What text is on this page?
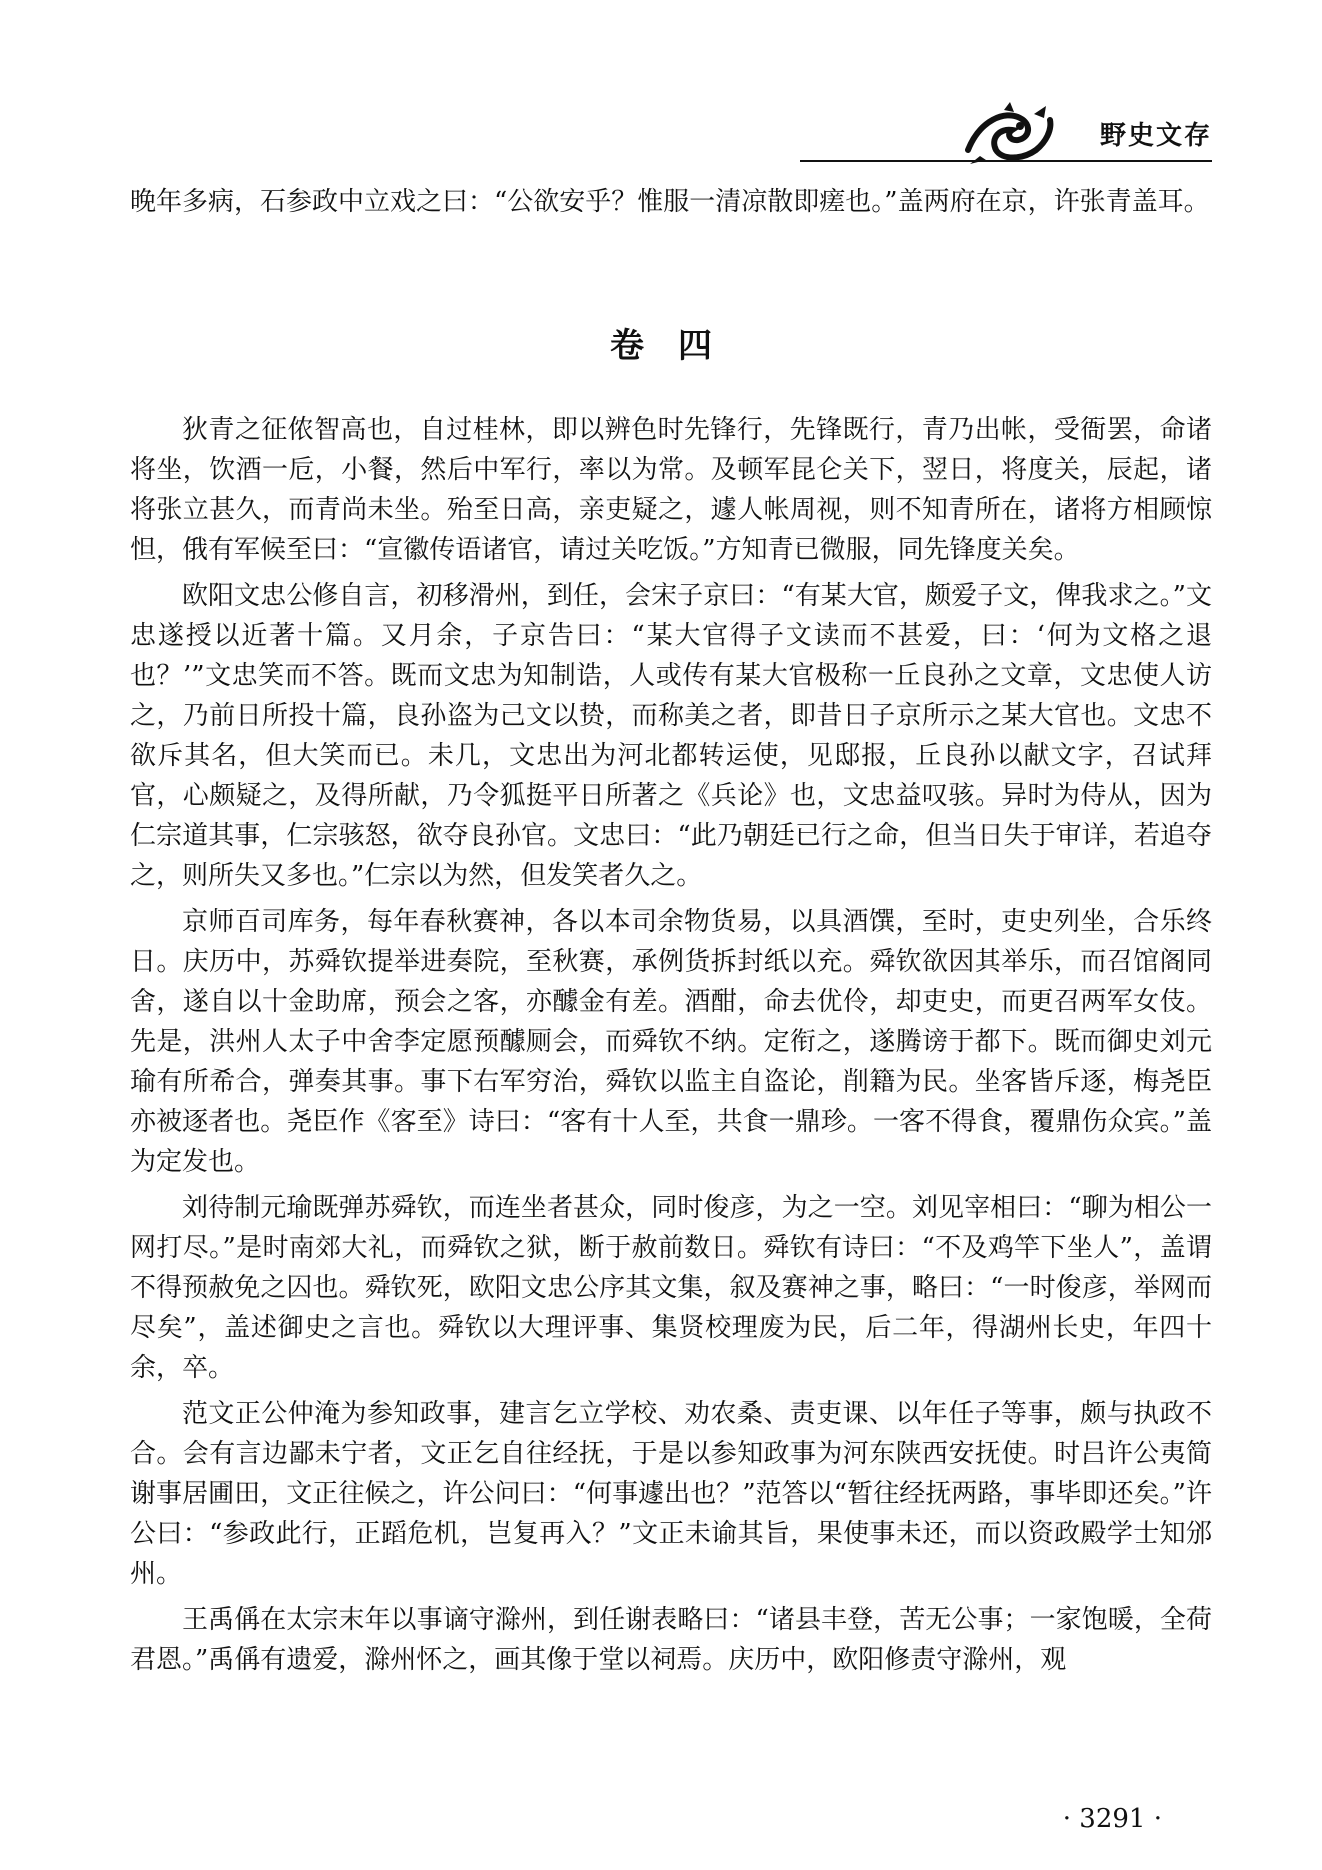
野史文存
晚年多病，石参政中立戏之曰：“公欲安乎？惟服一清凉散即瘥也。”盖两府在京，许张青盖耳。
卷四

狄青之征侬智高也，自过桂林，即以辨色时先锋行，先锋既行，青乃出帐，受衙罢，命诸将坐，饮酒一卮，小餐，然后中军行，率以为常。及顿军昆仑关下，翌日，将度关，辰起，诸将张立甚久，而青尚未坐。殆至日高，亲吏疑之，遽人帐周视，则不知青所在，诸将方相顾惊怛，俄有军候至曰：“宣徽传语诸官，请过关吃饭。”方知青已微服，同先锋度关矣。

欧阳文忠公修自言，初移滑州，到任，会宋子京曰：“有某大官，颇爱子文，俾我求之。”文忠遂授以近著十篇。又月余，子京告曰：“某大官得子文读而不甚爱，曰：‘何为文格之退也？’”文忠笑而不答。既而文忠为知制诰，人或传有某大官极称一丘良孙之文章，文忠使人访之，乃前日所投十篇，良孙盗为己文以贽，而称美之者，即昔日子京所示之某大官也。文忠不欲斥其名，但大笑而已。未几，文忠出为河北都转运使，见邸报，丘良孙以献文字，召试拜官，心颇疑之，及得所献，乃令狐挺平日所著之《兵论》也，文忠益叹骇。异时为侍从，因为仁宗道其事，仁宗骇怒，欲夺良孙官。文忠曰：“此乃朝廷已行之命，但当日失于审详，若追夺之，则所失又多也。”仁宗以为然，但发笑者久之。

京师百司库务，每年春秋赛神，各以本司余物货易，以具酒馔，至时，吏史列坐，合乐终日。庆历中，苏舜钦提举进奏院，至秋赛，承例货拆封纸以充。舜钦欲因其举乐，而召馆阁同舍，遂自以十金助席，预会之客，亦醵金有差。酒酣，命去优伶，却吏史，而更召两军女伎。先是，洪州人太子中舍李定愿预醵厕会，而舜钦不纳。定衔之，遂腾谤于都下。既而御史刘元瑜有所希合，弹奏其事。事下右军穷治，舜钦以监主自盗论，削籍为民。坐客皆斥逐，梅尧臣亦被逐者也。尧臣作《客至》诗曰：“客有十人至，共食一鼎珍。一客不得食，覆鼎伤众宾。”盖为定发也。

刘待制元瑜既弹苏舜钦，而连坐者甚众，同时俊彦，为之一空。刘见宰相曰：“聊为相公一网打尽。”是时南郊大礼，而舜钦之狱，断于赦前数日。舜钦有诗曰：“不及鸡竿下坐人”，盖谓不得预赦免之囚也。舜钦死，欧阳文忠公序其文集，叙及赛神之事，略曰：“一时俊彦，举网而尽矣”，盖述御史之言也。舜钦以大理评事、集贤校理废为民，后二年，得湖州长史，年四十余，卒。

范文正公仲淹为参知政事，建言乞立学校、劝农桑、责吏课、以年任子等事，颇与执政不合。会有言边鄙未宁者，文正乞自往经抚，于是以参知政事为河东陕西安抚使。时吕许公夷简谢事居圃田，文正往候之，许公问曰：“何事遽出也？”范答以“暂往经抚两路，事毕即还矣。”许公曰：“参政此行，正蹈危机，岂复再入？”文正未谕其旨，果使事未还，而以资政殿学士知邠州。

王禹偁在太宗末年以事谪守滁州，到任谢表略曰：“诸县丰登，苦无公事；一家饱暖，全荷君恩。”禹偁有遗爱，滁州怀之，画其像于堂以祠焉。庆历中，欧阳修责守滁州，观

· 3291 ·
